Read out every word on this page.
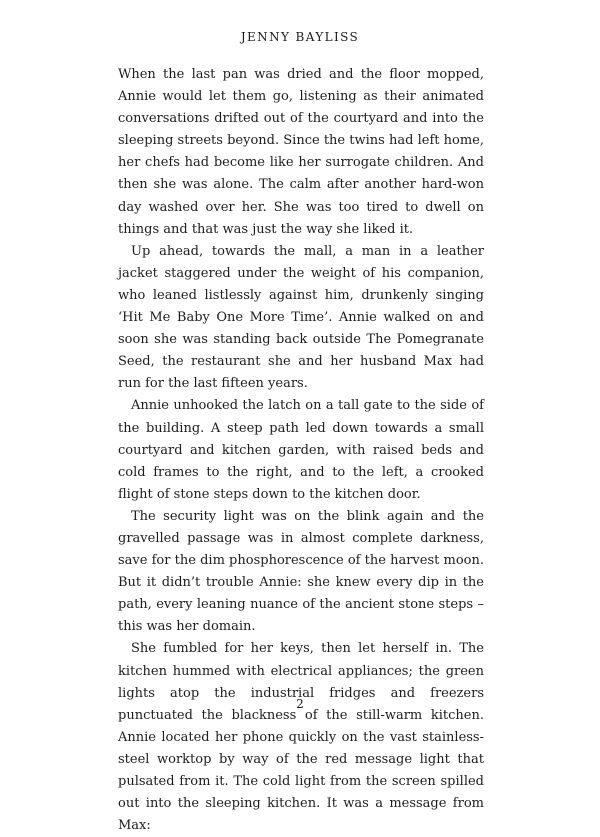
JENNY BAYLISS

When the last pan was dried and the floor mopped, Annie would let them go, listening as their animated conversations drifted out of the courtyard and into the sleeping streets beyond. Since the twins had left home, her chefs had become like her surrogate children. And then she was alone. The calm after another hard-won day washed over her. She was too tired to dwell on things and that was just the way she liked it.

Up ahead, towards the mall, a man in a leather jacket staggered under the weight of his companion, who leaned listlessly against him, drunkenly singing ‘Hit Me Baby One More Time’. Annie walked on and soon she was standing back outside The Pomegranate Seed, the restaurant she and her husband Max had run for the last fifteen years.

Annie unhooked the latch on a tall gate to the side of the building. A steep path led down towards a small courtyard and kitchen garden, with raised beds and cold frames to the right, and to the left, a crooked flight of stone steps down to the kitchen door.

The security light was on the blink again and the gravelled passage was in almost complete darkness, save for the dim phosphorescence of the harvest moon. But it didn’t trouble Annie: she knew every dip in the path, every leaning nuance of the ancient stone steps – this was her domain.

She fumbled for her keys, then let herself in. The kitchen hummed with electrical appliances; the green lights atop the industrial fridges and freezers punctuated the blackness of the still-warm kitchen. Annie located her phone quickly on the vast stainless-steel worktop by way of the red message light that pulsated from it. The cold light from the screen spilled out into the sleeping kitchen. It was a message from Max:

2
